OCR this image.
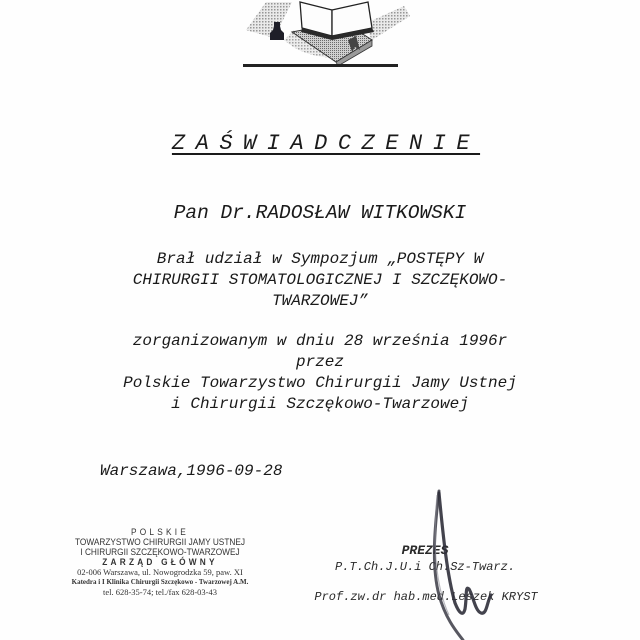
ZAŚWIADCZENIE
Pan Dr.RADOSŁAW WITKOWSKI
Brał udział w Sympozjum „POSTĘPY W
CHIRURGII STOMATOLOGICZNEJ I SZCZĘKOWO-
TWARZOWEJ”
zorganizowanym w dniu 28 września 1996r
przez
Polskie Towarzystwo Chirurgii Jamy Ustnej
i Chirurgii Szczękowo-Twarzowej
Warszawa,1996-09-28
POLSKIE
TOWARZYSTWO CHIRURGII JAMY USTNEJ
I CHIRURGII SZCZĘKOWO-TWARZOWEJ
ZARZĄD GŁÓWNY
02-006 Warszawa, ul. Nowogrodzka 59, paw. XI
Katedra i I Klinika Chirurgii Szczękowo - Twarzowej A.M.
tel. 628-35-74; tel./fax 628-03-43
PREZES
P.T.Ch.J.U.i Ch.Sz-Twarz.
Prof.zw.dr hab.med.Leszek KRYST
